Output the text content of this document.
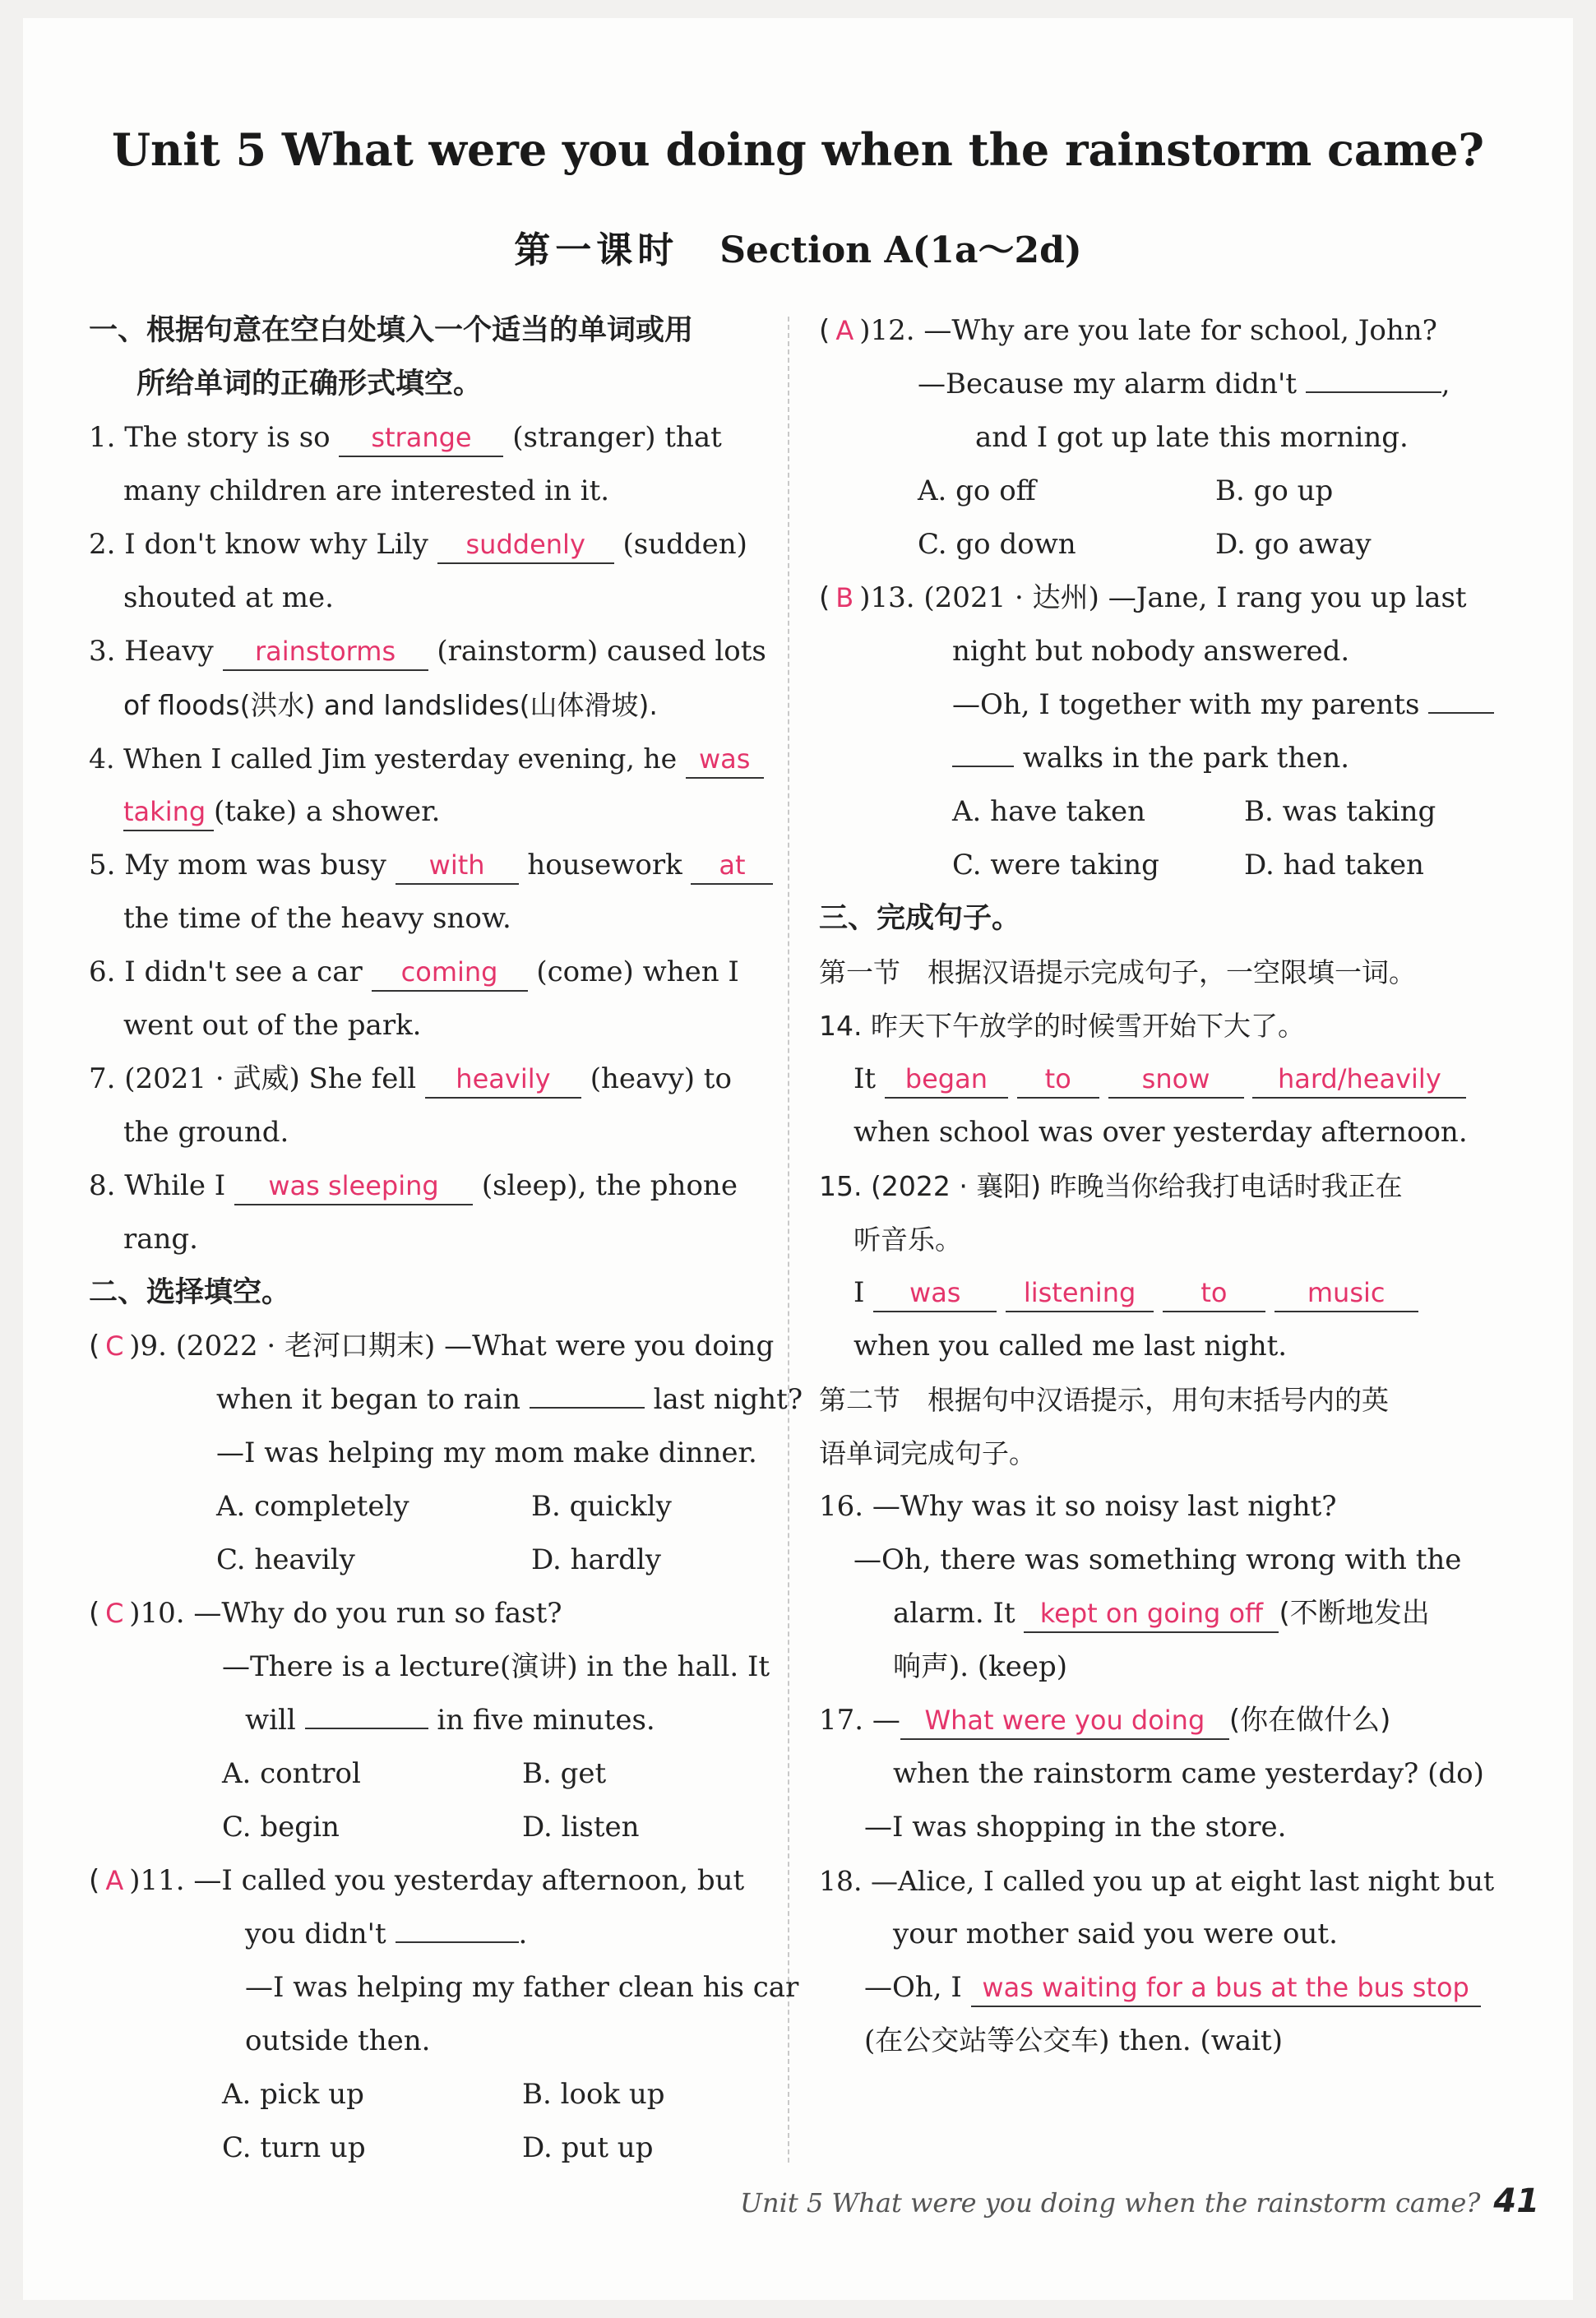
Unit 5 What were you doing when the rainstorm came?
第一课时 Section A(1a～2d)
一、根据句意在空白处填入一个适当的单词或用
所给单词的正确形式填空。
1. The story is so strange (stranger) that
many children are interested in it.
2. I don't know why Lily suddenly (sudden)
shouted at me.
3. Heavy rainstorms (rainstorm) caused lots
of floods(洪水) and landslides(山体滑坡).
4. When I called Jim yesterday evening, he was
taking (take) a shower.
5. My mom was busy with housework at
the time of the heavy snow.
6. I didn't see a car coming (come) when I
went out of the park.
7. (2021 · 武威) She fell heavily (heavy) to
the ground.
8. While I was sleeping (sleep), the phone
rang.
二、选择填空。
( C )9. (2022 · 老河口期末) —What were you doing
when it began to rain	last night?
—I was helping my mom make dinner.
A. completely	B. quickly
C. heavily	D. hardly
( C )10. —Why do you run so fast?
—There is a lecture(演讲) in the hall. It
will	in five minutes.
A. control	B. get
C. begin	D. listen
( A )11. —I called you yesterday afternoon, but
you didn't	.
—I was helping my father clean his car
outside then.
A. pick up	B. look up
C. turn up	D. put up
( A )12. —Why are you late for school, John?
—Because my alarm didn't	,
and I got up late this morning.
A. go off	B. go up
C. go down	D. go away
( B )13. (2021 · 达州) —Jane, I rang you up last
night but nobody answered.
—Oh, I together with my parents
walks in the park then.
A. have taken	B. was taking
C. were taking	D. had taken
三、完成句子。
第一节　根据汉语提示完成句子，一空限填一词。
14. 昨天下午放学的时候雪开始下大了。
It began to	snow	hard/heavily
when school was over yesterday afternoon.
15. (2022 · 襄阳) 昨晚当你给我打电话时我正在
听音乐。
I was listening to	music
when you called me last night.
第二节　根据句中汉语提示，用句末括号内的英
语单词完成句子。
16. —Why was it so noisy last night?
—Oh, there was something wrong with the
alarm. It kept on going off (不断地发出
响声). (keep)
17. — What were you doing (你在做什么)
when the rainstorm came yesterday? (do)
—I was shopping in the store.
18. —Alice, I called you up at eight last night but
your mother said you were out.
—Oh, I was waiting for a bus at the bus stop
(在公交站等公交车) then. (wait)
Unit 5 What were you doing when the rainstorm came? 41
